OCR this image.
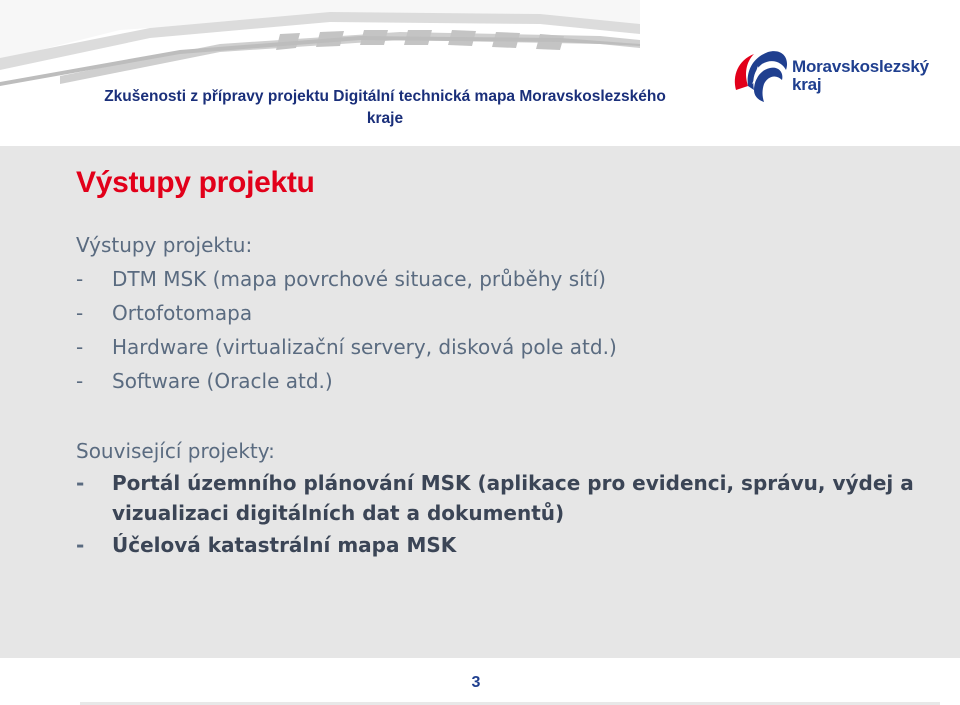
Zkušenosti z přípravy projektu Digitální technická mapa Moravskoslezského
kraje
Moravskoslezský
kraj
Výstupy projektu
Výstupy projektu:
- DTM MSK (mapa povrchové situace, průběhy sítí)
- Ortofotomapa
- Hardware (virtualizační servery, disková pole atd.)
- Software (Oracle atd.)
Související projekty:
- Portál územního plánování MSK (aplikace pro evidenci, správu, výdej a vizualizaci digitálních dat a dokumentů)
- Účelová katastrální mapa MSK
3
